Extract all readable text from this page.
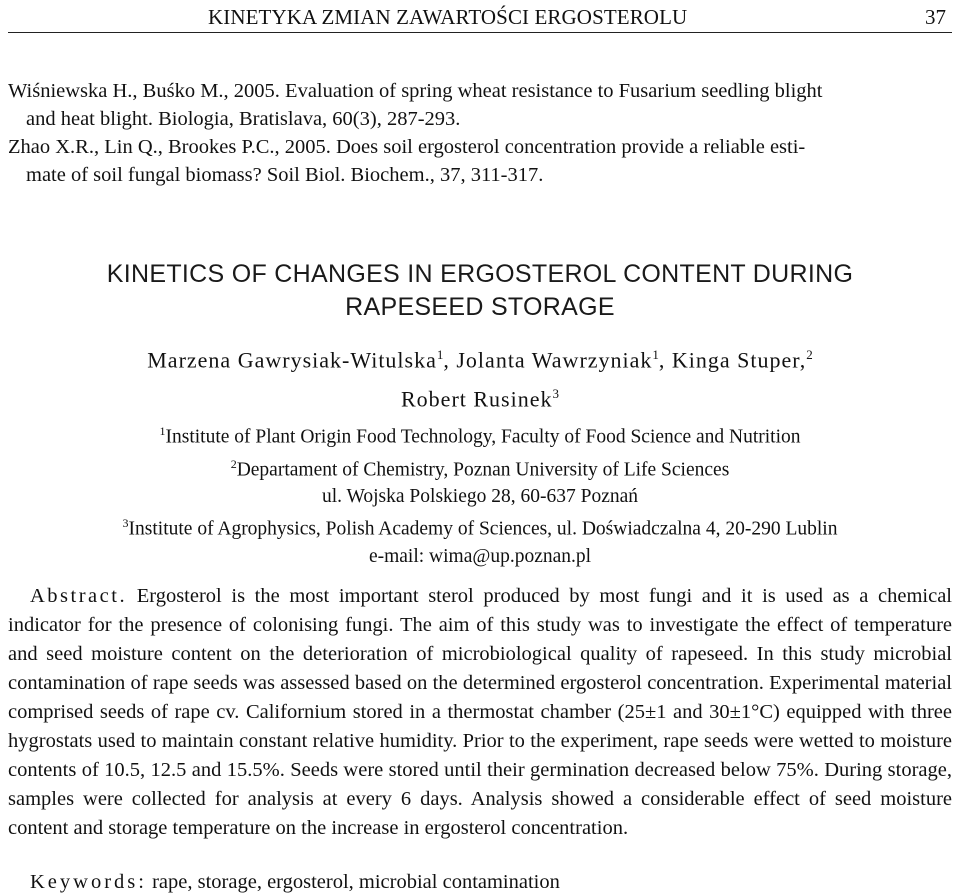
KINETYKA ZMIAN ZAWARTOŚCI ERGOSTEROLU	37

Wiśniewska H., Buśko M., 2005. Evaluation of spring wheat resistance to Fusarium seedling blight
and heat blight. Biologia, Bratislava, 60(3), 287-293.

Zhao X.R., Lin Q., Brookes P.C., 2005. Does soil ergosterol concentration provide a reliable esti-
mate of soil fungal biomass? Soil Biol. Biochem., 37, 311-317.

KINETICS OF CHANGES IN ERGOSTEROL CONTENT DURING
RAPESEED STORAGE
Marzena Gawrysiak-Witulska$^1$, Jolanta Wawrzyniak$^1$, Kinga Stuper,$^2$
Robert Rusinek$^3$
$^1$Institute of Plant Origin Food Technology, Faculty of Food Science and Nutrition
$^2$Departament of Chemistry, Poznan University of Life Sciences
ul. Wojska Polskiego 28, 60-637 Poznań
$^3$Institute of Agrophysics, Polish Academy of Sciences, ul. Doświadczalna 4, 20-290 Lublin
e-mail: wima@up.poznan.pl
Abstract. Ergosterol is the most important sterol produced by most fungi and it is used as a chemical indicator for the presence of colonising fungi. The aim of this study was to investigate the effect of temperature and seed moisture content on the deterioration of microbiological quality of rapeseed. In this study microbial contamination of rape seeds was assessed based on the determined ergosterol concentration. Experimental material comprised seeds of rape cv. Californium stored in a thermostat chamber (25±1 and 30±1°C) equipped with three hygrostats used to maintain constant relative humidity. Prior to the experiment, rape seeds were wetted to moisture contents of 10.5, 12.5 and 15.5%. Seeds were stored until their germination decreased below 75%. During storage, samples were collected for analysis at every 6 days. Analysis showed a considerable effect of seed moisture content and storage temperature on the increase in ergosterol concentration.
Keywords: rape, storage, ergosterol, microbial contamination
